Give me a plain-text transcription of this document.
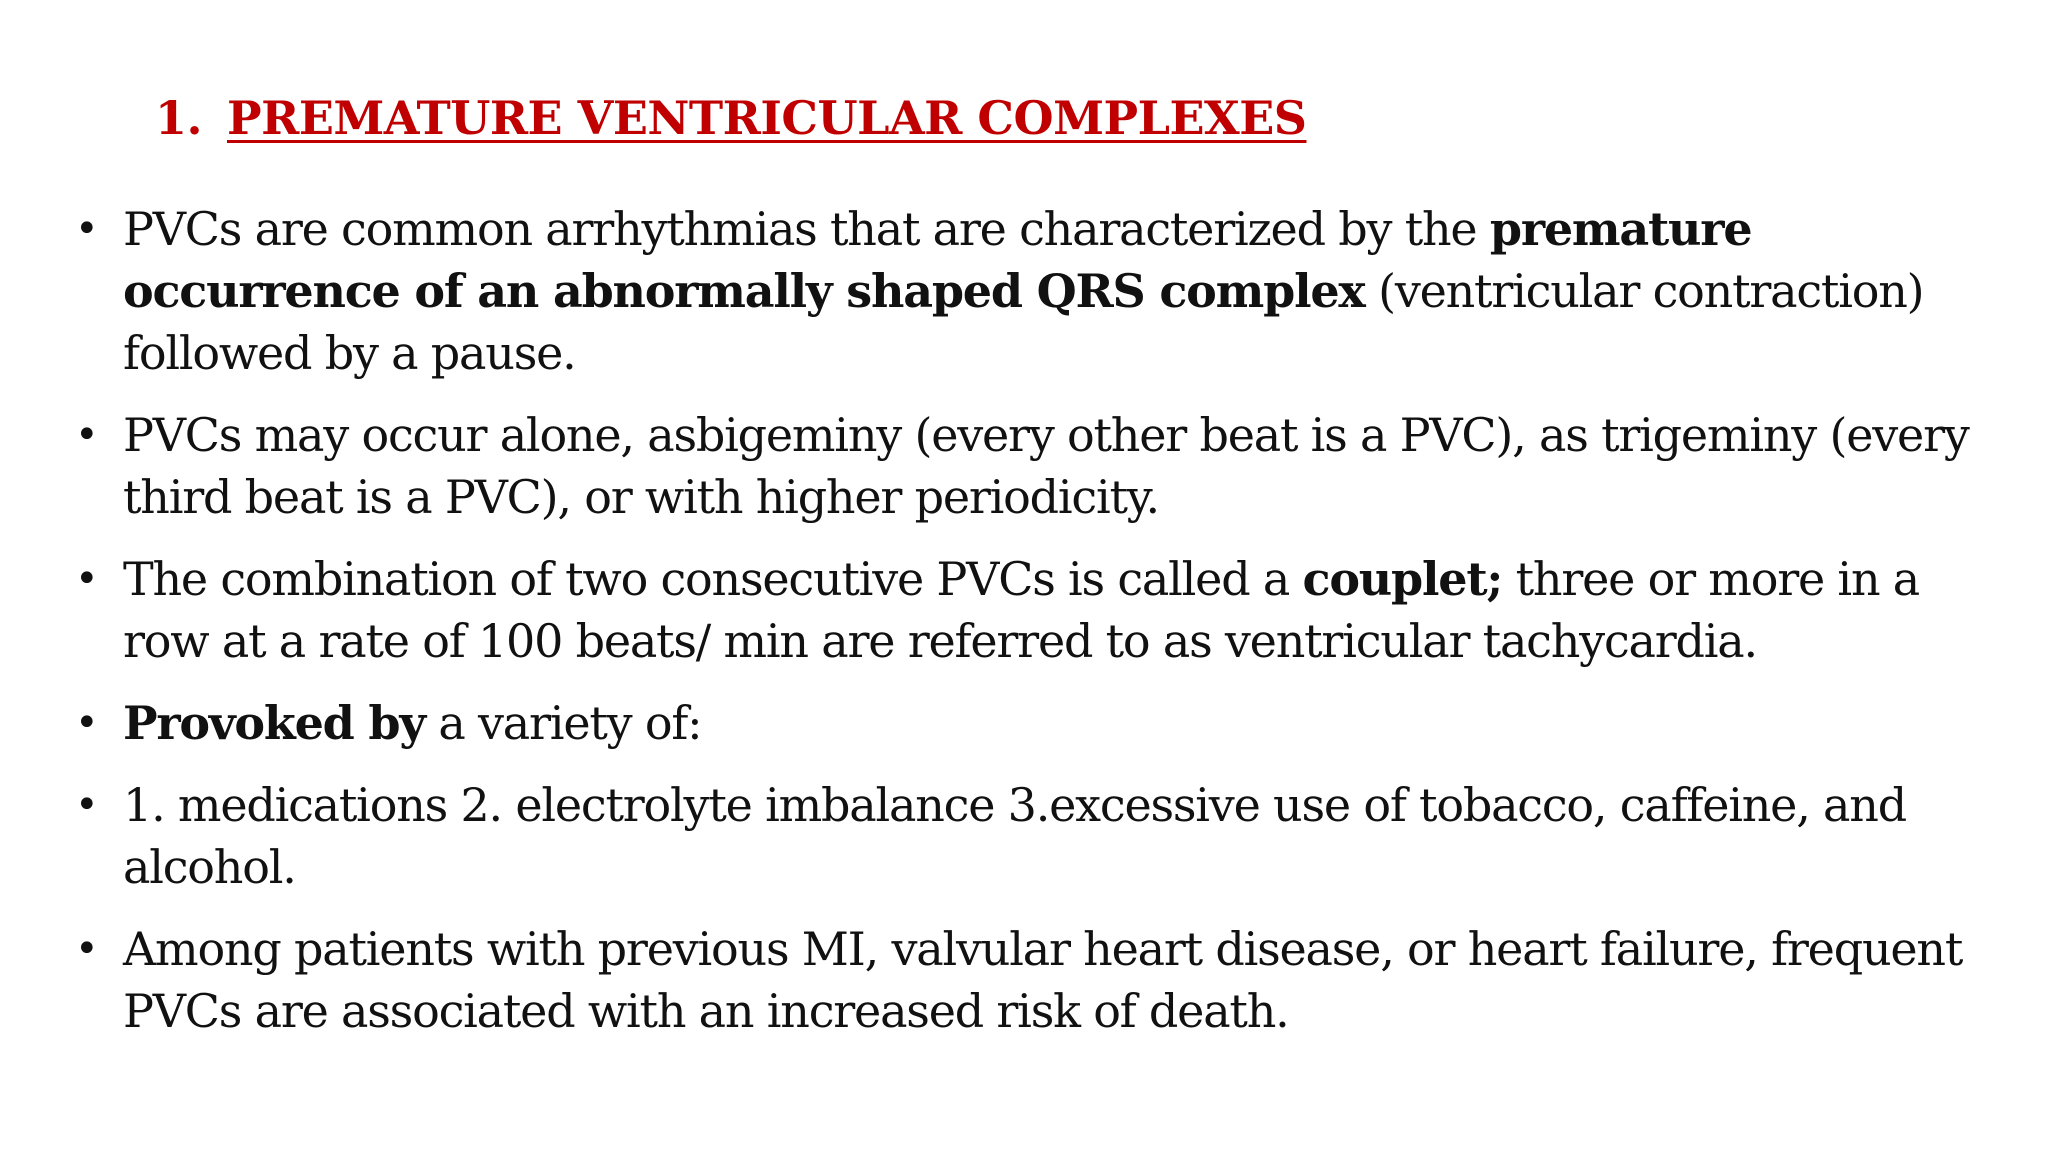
1. PREMATURE VENTRICULAR COMPLEXES
• PVCs are common arrhythmias that are characterized by the premature occurrence of an abnormally shaped QRS complex (ventricular contraction) followed by a pause.
• PVCs may occur alone, asbigeminy (every other beat is a PVC), as trigeminy (every third beat is a PVC), or with higher periodicity.
• The combination of two consecutive PVCs is called a couplet; three or more in a row at a rate of 100 beats/ min are referred to as ventricular tachycardia.
• Provoked by a variety of:
• 1. medications 2. electrolyte imbalance 3.excessive use of tobacco, caffeine, and alcohol.
• Among patients with previous MI, valvular heart disease, or heart failure, frequent PVCs are associated with an increased risk of death.
